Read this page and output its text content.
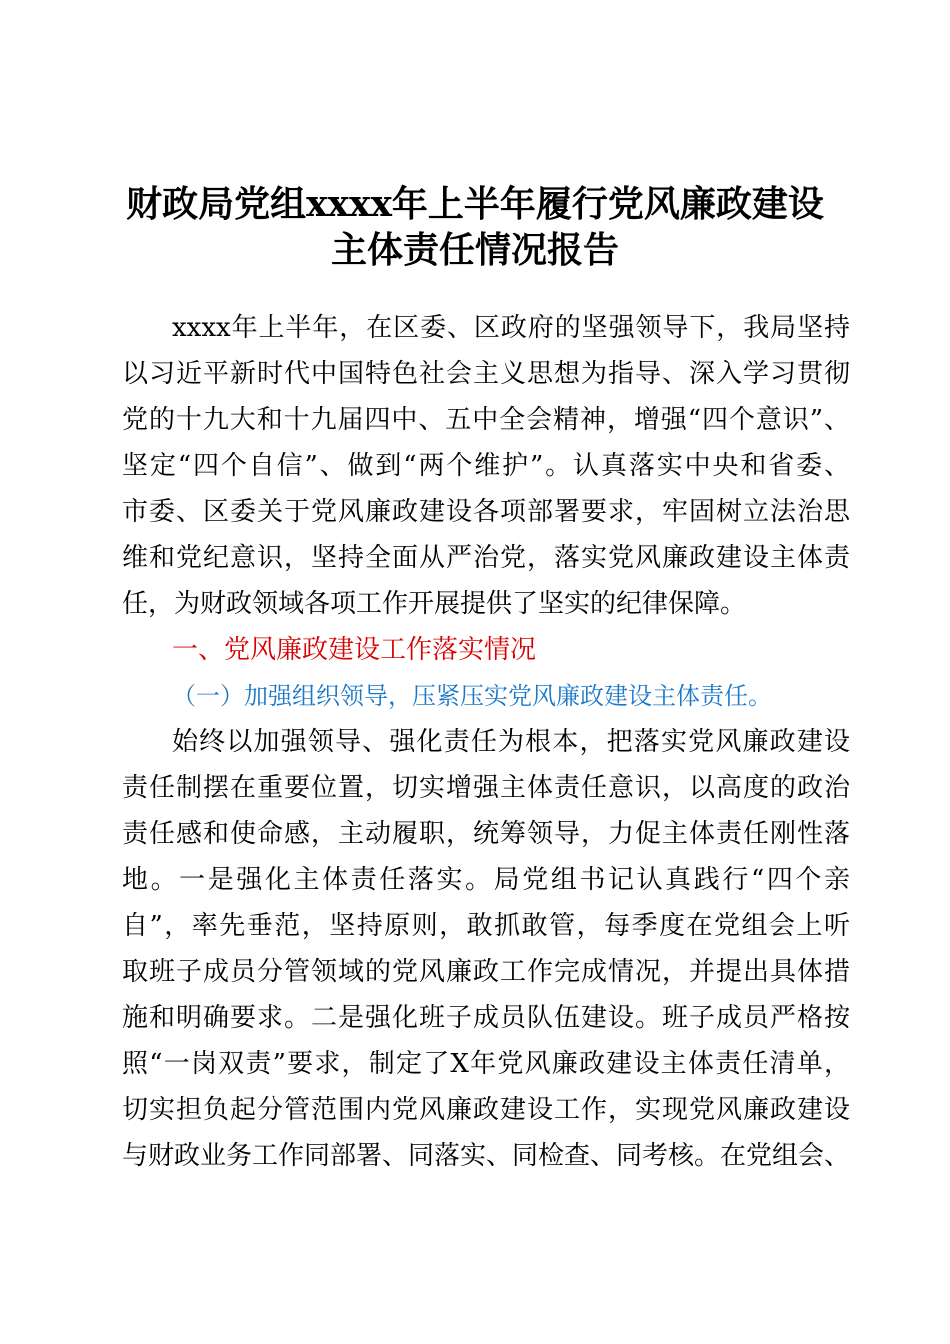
财政局党组xxxx年上半年履行党风廉政建设
主体责任情况报告
xxxx年上半年，在区委、区政府的坚强领导下，我局坚持
以习近平新时代中国特色社会主义思想为指导、深入学习贯彻
党的十九大和十九届四中、五中全会精神，增强“四个意识”、
坚定“四个自信”、做到“两个维护”。认真落实中央和省委、
市委、区委关于党风廉政建设各项部署要求，牢固树立法治思
维和党纪意识，坚持全面从严治党，落实党风廉政建设主体责
任，为财政领域各项工作开展提供了坚实的纪律保障。
一、党风廉政建设工作落实情况
（一）加强组织领导，压紧压实党风廉政建设主体责任。
始终以加强领导、强化责任为根本，把落实党风廉政建设
责任制摆在重要位置，切实增强主体责任意识，以高度的政治
责任感和使命感，主动履职，统筹领导，力促主体责任刚性落
地。一是强化主体责任落实。局党组书记认真践行“四个亲
自”，率先垂范，坚持原则，敢抓敢管，每季度在党组会上听
取班子成员分管领域的党风廉政工作完成情况，并提出具体措
施和明确要求。二是强化班子成员队伍建设。班子成员严格按
照“一岗双责”要求，制定了X年党风廉政建设主体责任清单，
切实担负起分管范围内党风廉政建设工作，实现党风廉政建设
与财政业务工作同部署、同落实、同检查、同考核。在党组会、
